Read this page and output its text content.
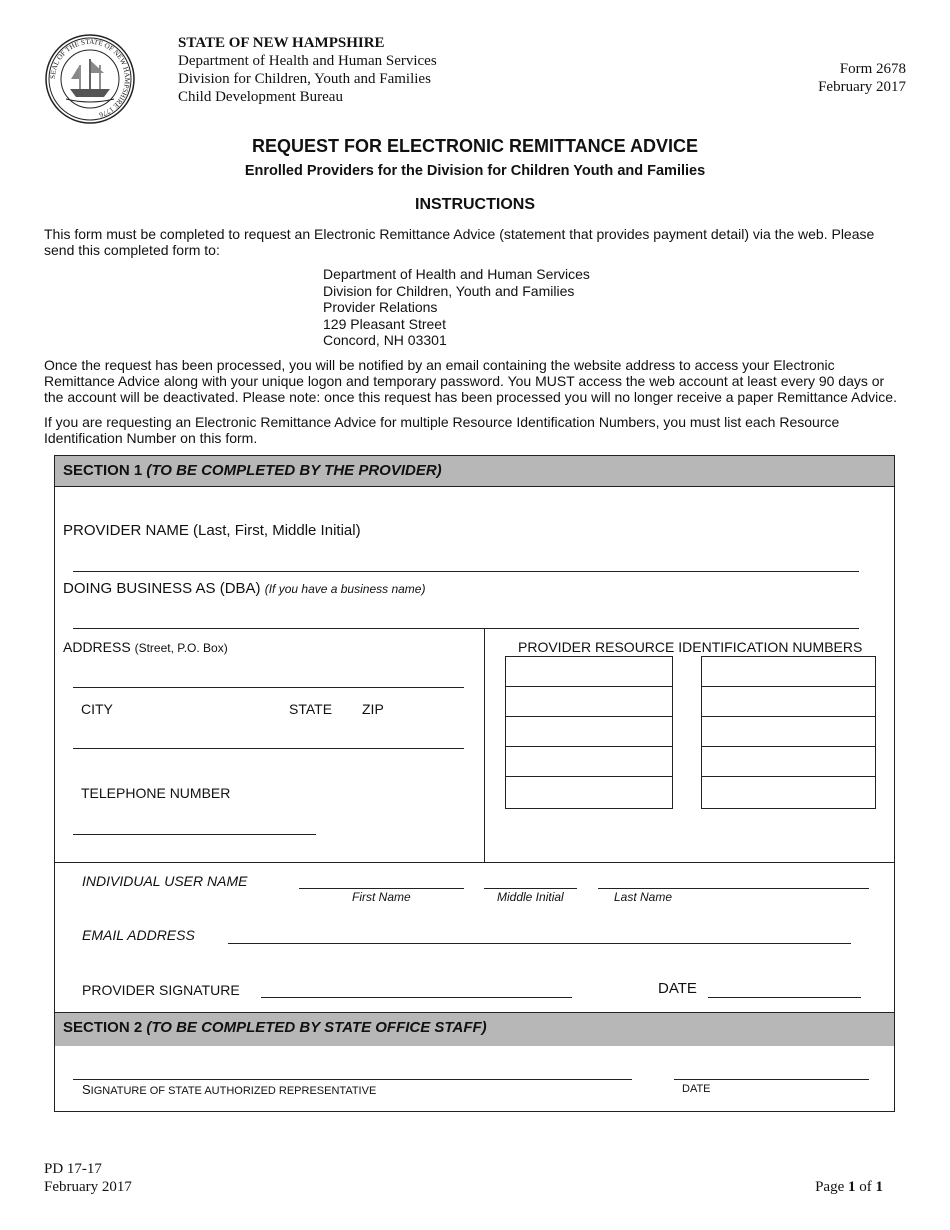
SEAL OF THE STATE OF NEW HAMPSHIRE 1776
STATE OF NEW HAMPSHIRE
Department of Health and Human Services
Division for Children, Youth and Families
Child Development Bureau
Form 2678
February 2017
REQUEST FOR ELECTRONIC REMITTANCE ADVICE
Enrolled Providers for the Division for Children Youth and Families
INSTRUCTIONS
This form must be completed to request an Electronic Remittance Advice (statement that provides payment detail) via the web. Please send this completed form to:
Department of Health and Human Services
Division for Children, Youth and Families
Provider Relations
129 Pleasant Street
Concord, NH 03301
Once the request has been processed, you will be notified by an email containing the website address to access your Electronic Remittance Advice along with your unique logon and temporary password. You MUST access the web account at least every 90 days or the account will be deactivated. Please note: once this request has been processed you will no longer receive a paper Remittance Advice.
If you are requesting an Electronic Remittance Advice for multiple Resource Identification Numbers, you must list each Resource Identification Number on this form.
SECTION 1 (TO BE COMPLETED BY THE PROVIDER)
PROVIDER NAME (Last, First, Middle Initial)
DOING BUSINESS AS (DBA) (If you have a business name)
ADDRESS (Street, P.O. Box)
CITY	STATE ZIP
TELEPHONE NUMBER
PROVIDER RESOURCE IDENTIFICATION NUMBERS
INDIVIDUAL USER NAME
First Name	Middle Initial	Last Name
EMAIL ADDRESS
PROVIDER SIGNATURE	DATE
SECTION 2 (TO BE COMPLETED BY STATE OFFICE STAFF)
SIGNATURE OF STATE AUTHORIZED REPRESENTATIVE	DATE
PD 17-17
February 2017	Page 1 of 1
